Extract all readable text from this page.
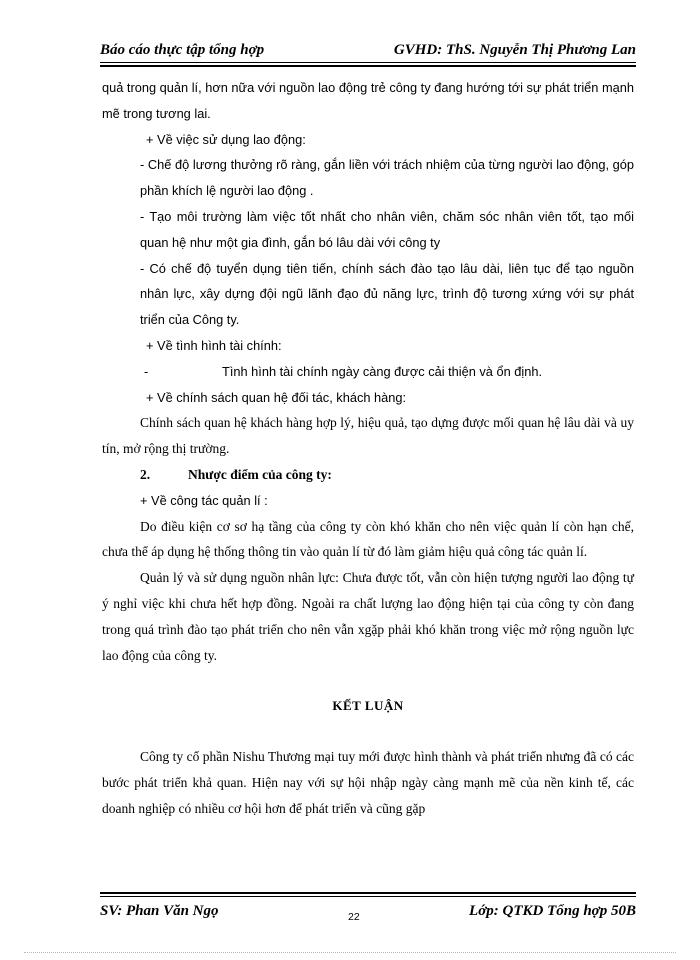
Báo cáo thực tập tổng hợp	GVHD: ThS. Nguyễn Thị Phương Lan

quả trong quản lí, hơn nữa với nguồn lao động trẻ công ty đang hướng tới sự phát triển mạnh mẽ trong tương lai.

+ Về việc sử dụng lao động:

- Chế độ lương thưởng rõ ràng, gắn liền với trách nhiệm của từng người lao động, góp phần khích lệ người lao động .

- Tạo môi trường làm việc tốt nhất cho nhân viên, chăm sóc nhân viên tốt, tạo mối quan hệ như một gia đình, gắn bó lâu dài với công ty

- Có chế độ tuyển dụng tiên tiến, chính sách đào tạo lâu dài, liên tục để tạo nguồn nhân lực, xây dựng đội ngũ lãnh đạo đủ năng lực, trình độ tương xứng với sự phát triển của Công ty.

+ Về tình hình tài chính:

-	Tình hình tài chính ngày càng được cải thiện và ổn định.

+ Về chính sách quan hệ đối tác, khách hàng:

Chính sách quan hệ khách hàng hợp lý, hiệu quả, tạo dựng được mối quan hệ lâu dài và uy tín, mở rộng thị trường.

2.	Nhược điểm của công ty:

+ Về công tác quản lí :

Do điều kiện cơ sơ hạ tầng của công ty còn khó khăn cho nên việc quản lí còn hạn chế, chưa thể áp dụng hệ thống thông tin vào quản lí từ đó làm giảm hiệu quả công tác quản lí.

Quản lý và sử dụng nguồn nhân lực: Chưa được tốt, vẫn còn hiện tượng người lao động tự ý nghỉ việc khi chưa hết hợp đồng. Ngoài ra chất lượng lao động hiện tại của công ty còn đang trong quá trình đào tạo phát triển cho nên vẫn xgặp phải khó khăn trong việc mở rộng nguồn lực lao động của công ty.

KẾT LUẬN

Công ty cổ phần Nishu Thương mại tuy mới được hình thành và phát triển nhưng đã có các bước phát triển khả quan. Hiện nay với sự hội nhập ngày càng mạnh mẽ của nền kinh tế, các doanh nghiệp có nhiều cơ hội hơn để phát triển và cũng gặp

SV: Phan Văn Ngọ	22	Lớp: QTKD Tổng hợp 50B
